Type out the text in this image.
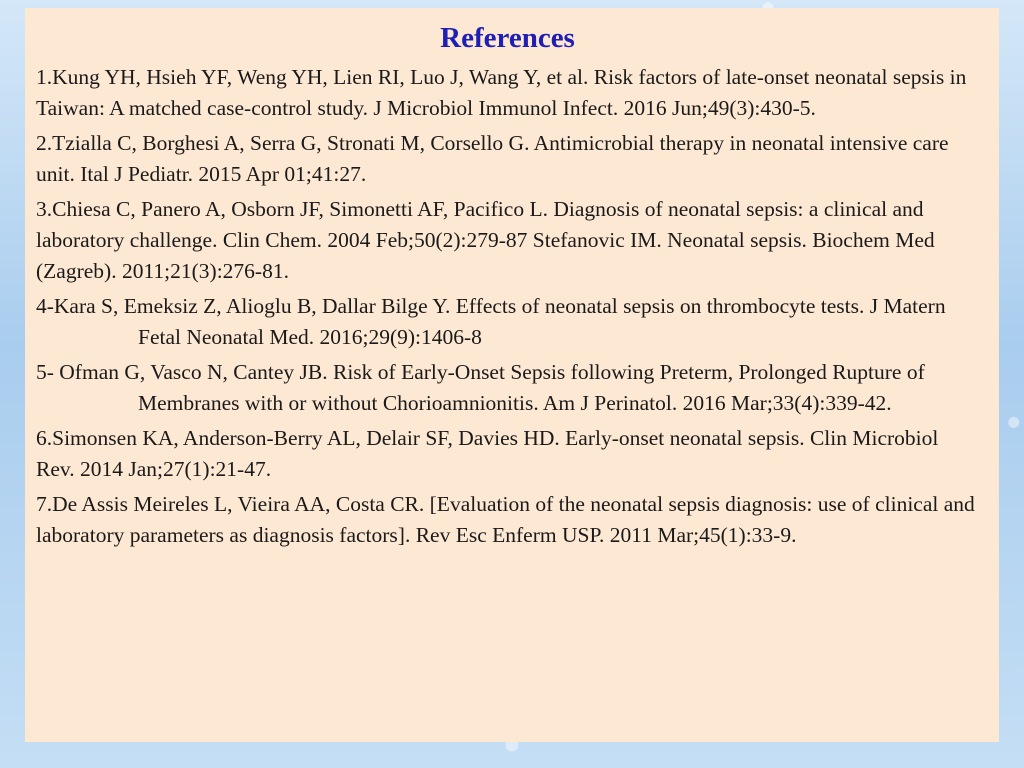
References
1.Kung YH, Hsieh YF, Weng YH, Lien RI, Luo J, Wang Y, et al. Risk factors of late-onset neonatal sepsis in Taiwan: A matched case-control study. J Microbiol Immunol Infect. 2016 Jun;49(3):430-5.
2.Tzialla C, Borghesi A, Serra G, Stronati M, Corsello G. Antimicrobial therapy in neonatal intensive care unit. Ital J Pediatr. 2015 Apr 01;41:27.
3.Chiesa C, Panero A, Osborn JF, Simonetti AF, Pacifico L. Diagnosis of neonatal sepsis: a clinical and laboratory challenge. Clin Chem. 2004 Feb;50(2):279-87 Stefanovic IM. Neonatal sepsis. Biochem Med (Zagreb). 2011;21(3):276-81.
4-Kara S, Emeksiz Z, Alioglu B, Dallar Bilge Y. Effects of neonatal sepsis on thrombocyte tests. J Matern Fetal Neonatal Med. 2016;29(9):1406-8
5- Ofman G, Vasco N, Cantey JB. Risk of Early-Onset Sepsis following Preterm, Prolonged Rupture of Membranes with or without Chorioamnionitis. Am J Perinatol. 2016 Mar;33(4):339-42.
6.Simonsen KA, Anderson-Berry AL, Delair SF, Davies HD. Early-onset neonatal sepsis. Clin Microbiol Rev. 2014 Jan;27(1):21-47.
7.De Assis Meireles L, Vieira AA, Costa CR. [Evaluation of the neonatal sepsis diagnosis: use of clinical and laboratory parameters as diagnosis factors]. Rev Esc Enferm USP. 2011 Mar;45(1):33-9.
